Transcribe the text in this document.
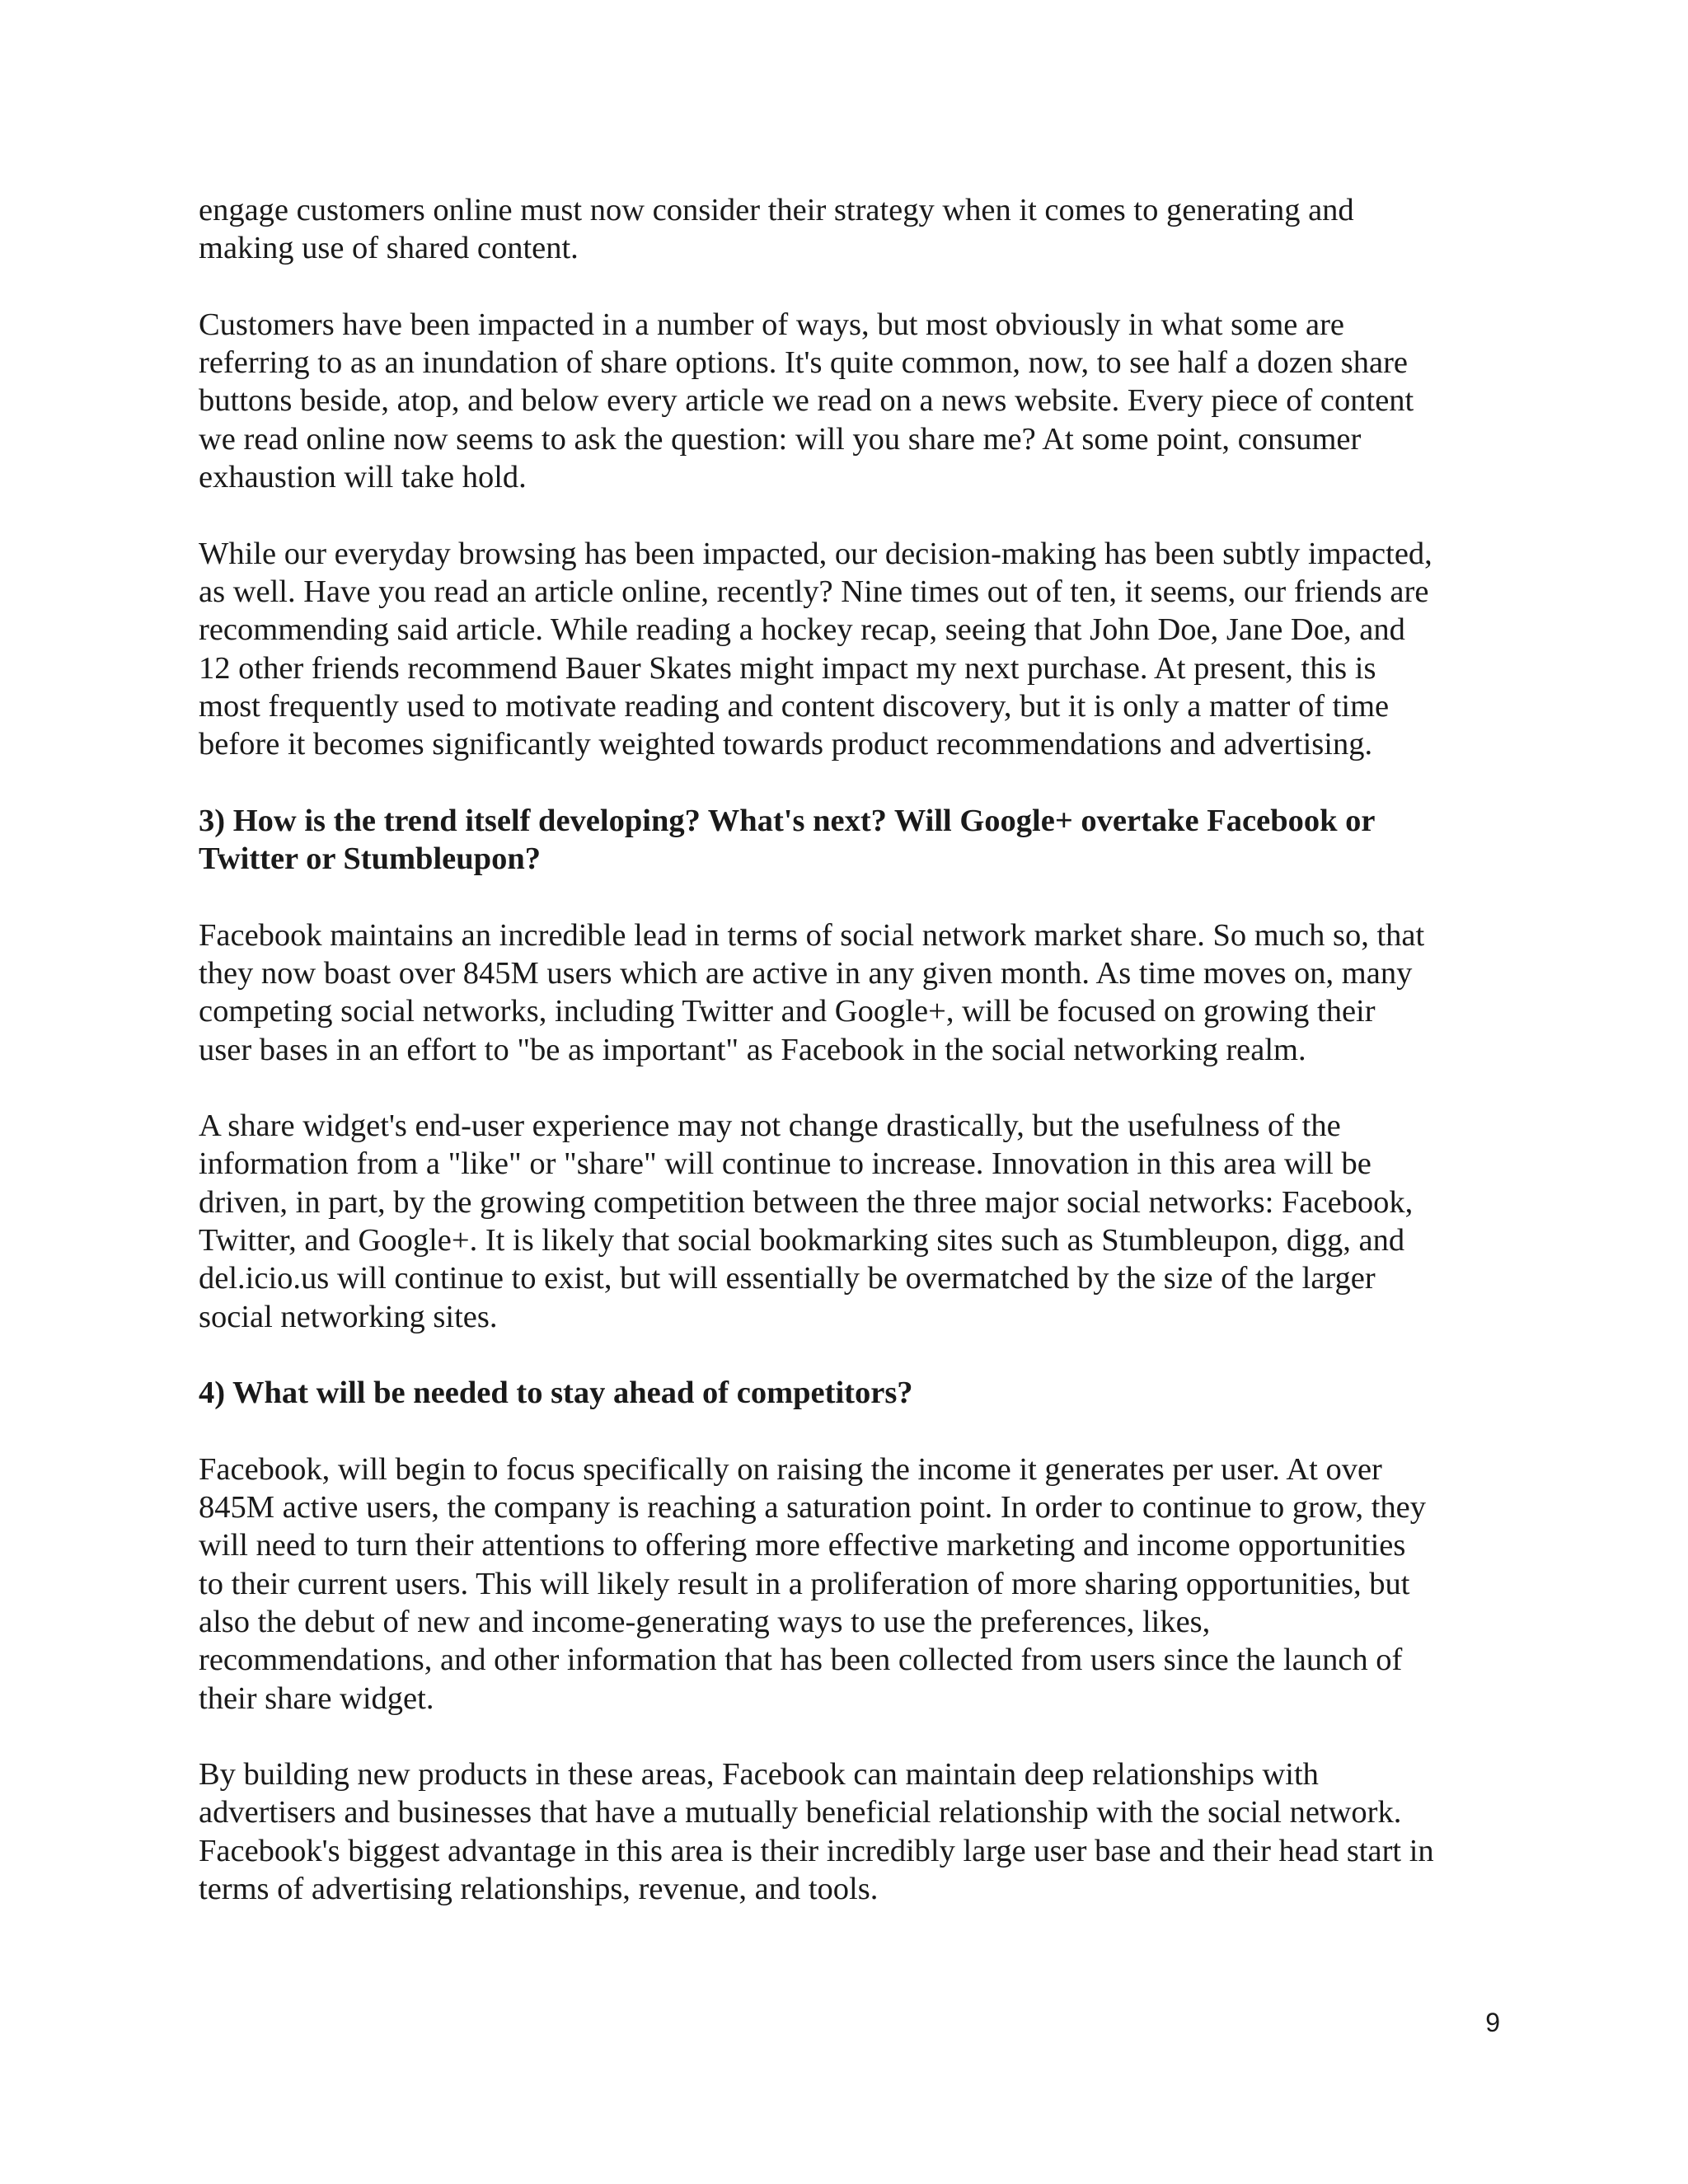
engage customers online must now consider their strategy when it comes to generating and
making use of shared content.
Customers have been impacted in a number of ways, but most obviously in what some are
referring to as an inundation of share options. It's quite common, now, to see half a dozen share
buttons beside, atop, and below every article we read on a news website. Every piece of content
we read online now seems to ask the question: will you share me? At some point, consumer
exhaustion will take hold.
While our everyday browsing has been impacted, our decision-making has been subtly impacted,
as well. Have you read an article online, recently? Nine times out of ten, it seems, our friends are
recommending said article. While reading a hockey recap, seeing that John Doe, Jane Doe, and
12 other friends recommend Bauer Skates might impact my next purchase. At present, this is
most frequently used to motivate reading and content discovery, but it is only a matter of time
before it becomes significantly weighted towards product recommendations and advertising.
3) How is the trend itself developing? What's next? Will Google+ overtake Facebook or
Twitter or Stumbleupon?
Facebook maintains an incredible lead in terms of social network market share. So much so, that
they now boast over 845M users which are active in any given month. As time moves on, many
competing social networks, including Twitter and Google+, will be focused on growing their
user bases in an effort to "be as important" as Facebook in the social networking realm.
A share widget's end-user experience may not change drastically, but the usefulness of the
information from a "like" or "share" will continue to increase. Innovation in this area will be
driven, in part, by the growing competition between the three major social networks: Facebook,
Twitter, and Google+. It is likely that social bookmarking sites such as Stumbleupon, digg, and
del.icio.us will continue to exist, but will essentially be overmatched by the size of the larger
social networking sites.
4) What will be needed to stay ahead of competitors?
Facebook, will begin to focus specifically on raising the income it generates per user. At over
845M active users, the company is reaching a saturation point. In order to continue to grow, they
will need to turn their attentions to offering more effective marketing and income opportunities
to their current users. This will likely result in a proliferation of more sharing opportunities, but
also the debut of new and income-generating ways to use the preferences, likes,
recommendations, and other information that has been collected from users since the launch of
their share widget.
By building new products in these areas, Facebook can maintain deep relationships with
advertisers and businesses that have a mutually beneficial relationship with the social network.
Facebook's biggest advantage in this area is their incredibly large user base and their head start in
terms of advertising relationships, revenue, and tools.
9
